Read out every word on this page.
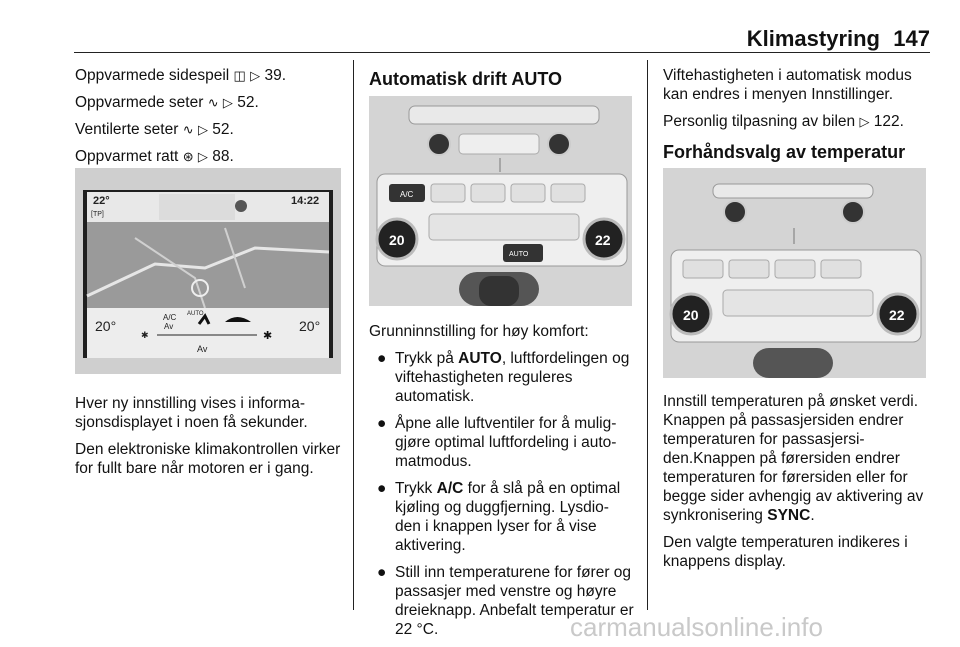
Klimastyring 147

Oppvarmede sidespeil ◫ ▷ 39.

Oppvarmede seter ∿ ▷ 52.

Ventilerte seter ∿ ▷ 52.

Oppvarmet ratt ⊛ ▷ 88.

22°
[TP]
14:22
A/C
Av
AUTO
20°	20°
✱	✱
Av

Hver ny innstilling vises i informa- sjonsdisplayet i noen få sekunder.

Den elektroniske klimakontrollen virker for fullt bare når motoren er i gang.

Automatisk drift AUTO
A/C
20	22
AUTO

Grunninnstilling for høy komfort:

● Trykk på AUTO, luftfordelingen og viftehastigheten reguleres automatisk.
● Åpne alle luftventiler for å mulig- gjøre optimal luftfordeling i auto- matmodus.
● Trykk A/C for å slå på en optimal kjøling og duggfjerning. Lysdio- den i knappen lyser for å vise aktivering.
● Still inn temperaturene for fører og passasjer med venstre og høyre dreieknapp. Anbefalt temperatur er 22 °C.

Viftehastigheten i automatisk modus kan endres i menyen Innstillinger.

Personlig tilpasning av bilen ▷ 122.

Forhåndsvalg av temperatur
20	22

Innstill temperaturen på ønsket verdi. Knappen på passasjersiden endrer temperaturen for passasjersi- den.Knappen på førersiden endrer temperaturen for førersiden eller for begge sider avhengig av aktivering av synkronisering SYNC.

Den valgte temperaturen indikeres i knappens display.

carmanualsonline.info
